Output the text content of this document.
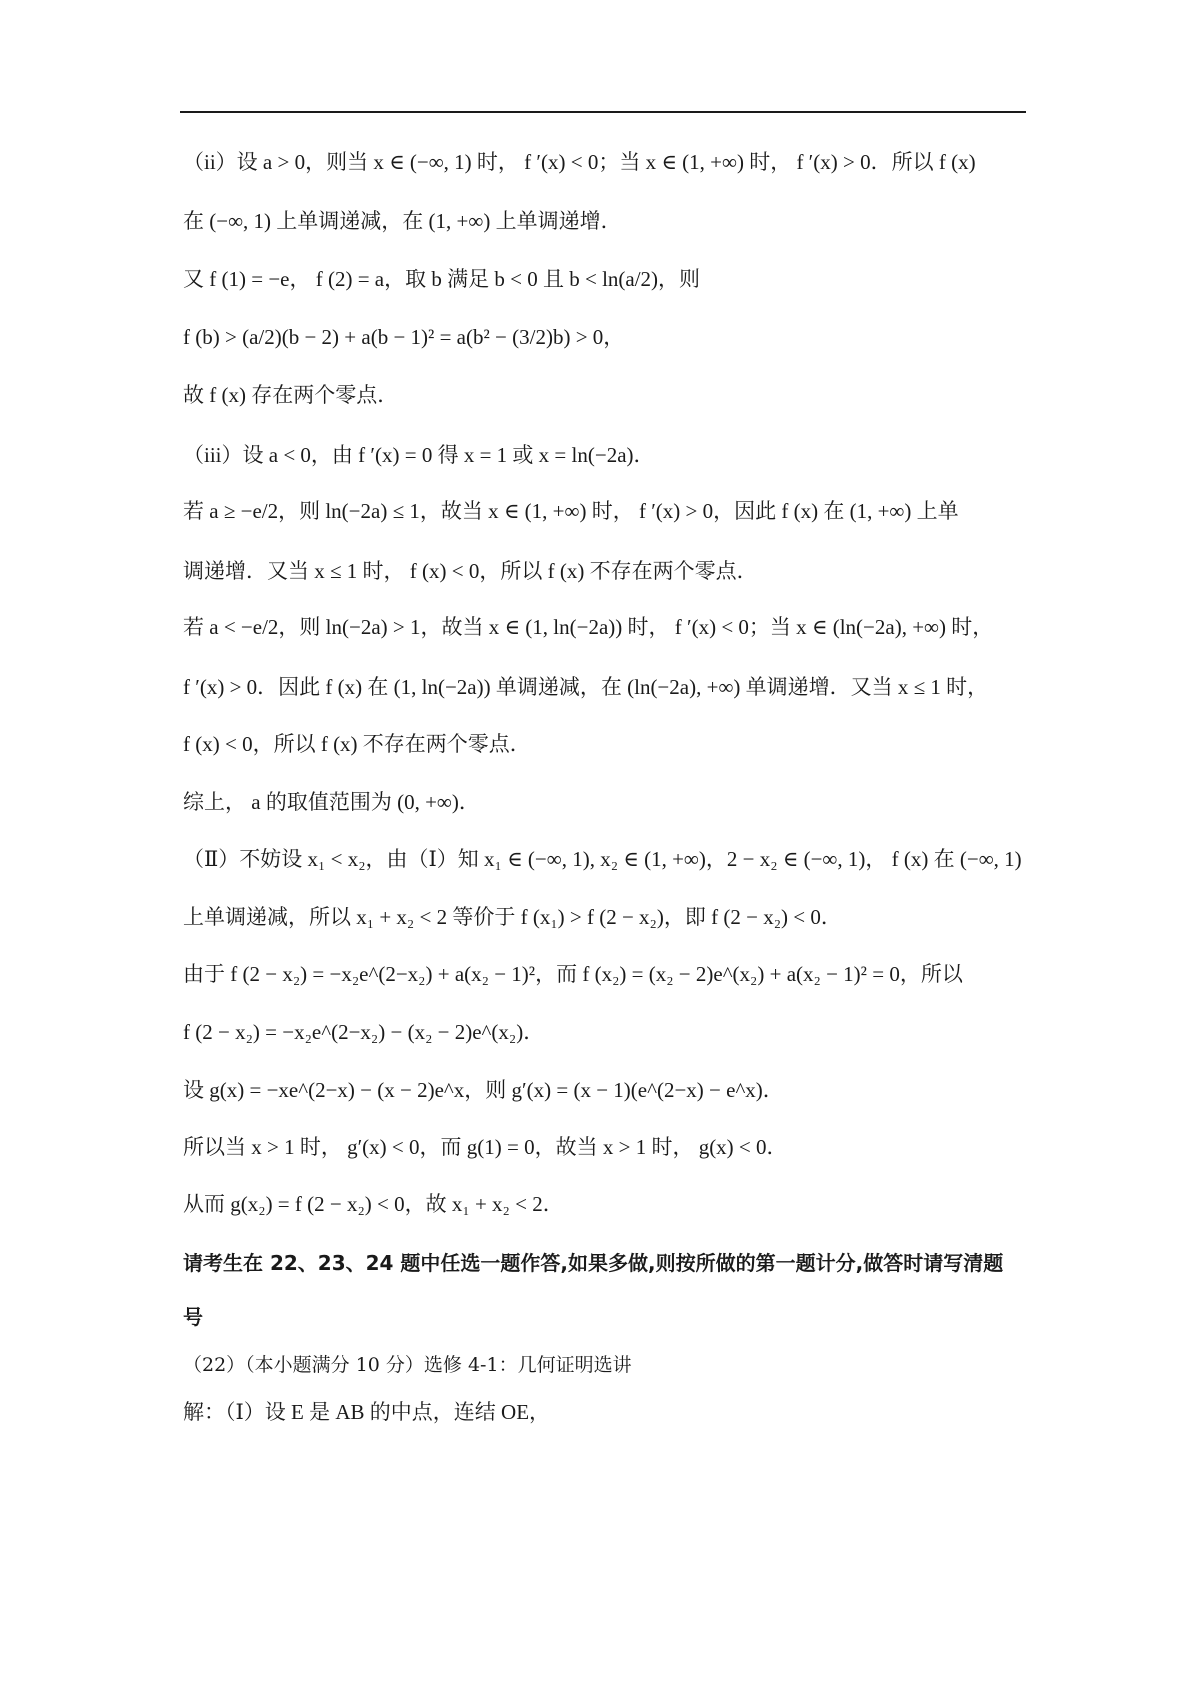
（ii）设 a > 0，则当 x ∈ (−∞, 1) 时， f ′(x) < 0；当 x ∈ (1, +∞) 时， f ′(x) > 0．所以 f (x)
在 (−∞, 1) 上单调递减，在 (1, +∞) 上单调递增．
又 f (1) = −e， f (2) = a，取 b 满足 b < 0 且 b < ln(a/2)，则
f (b) > (a/2)(b − 2) + a(b − 1)² = a(b² − (3/2)b) > 0，
故 f (x) 存在两个零点．
（iii）设 a < 0，由 f ′(x) = 0 得 x = 1 或 x = ln(−2a)．
若 a ≥ −e/2，则 ln(−2a) ≤ 1，故当 x ∈ (1, +∞) 时， f ′(x) > 0，因此 f (x) 在 (1, +∞) 上单
调递增．又当 x ≤ 1 时， f (x) < 0，所以 f (x) 不存在两个零点．
若 a < −e/2，则 ln(−2a) > 1，故当 x ∈ (1, ln(−2a)) 时， f ′(x) < 0；当 x ∈ (ln(−2a), +∞) 时，
f ′(x) > 0．因此 f (x) 在 (1, ln(−2a)) 单调递减，在 (ln(−2a), +∞) 单调递增．又当 x ≤ 1 时，
f (x) < 0，所以 f (x) 不存在两个零点．
综上， a 的取值范围为 (0, +∞)．
（Ⅱ）不妨设 x₁ < x₂，由（Ⅰ）知 x₁ ∈ (−∞, 1), x₂ ∈ (1, +∞)，2 − x₂ ∈ (−∞, 1)， f (x) 在 (−∞, 1)
上单调递减，所以 x₁ + x₂ < 2 等价于 f (x₁) > f (2 − x₂)，即 f (2 − x₂) < 0．
由于 f (2 − x₂) = −x₂e^(2−x₂) + a(x₂ − 1)²，而 f (x₂) = (x₂ − 2)e^(x₂) + a(x₂ − 1)² = 0，所以
f (2 − x₂) = −x₂e^(2−x₂) − (x₂ − 2)e^(x₂)．
设 g(x) = −xe^(2−x) − (x − 2)e^x，则 g′(x) = (x − 1)(e^(2−x) − e^x)．
所以当 x > 1 时， g′(x) < 0，而 g(1) = 0，故当 x > 1 时， g(x) < 0．
从而 g(x₂) = f (2 − x₂) < 0，故 x₁ + x₂ < 2．
请考生在 22、23、24 题中任选一题作答,如果多做,则按所做的第一题计分,做答时请写清题
号
（22）（本小题满分 10 分）选修 4-1：几何证明选讲
解：（Ⅰ）设 E 是 AB 的中点，连结 OE，
